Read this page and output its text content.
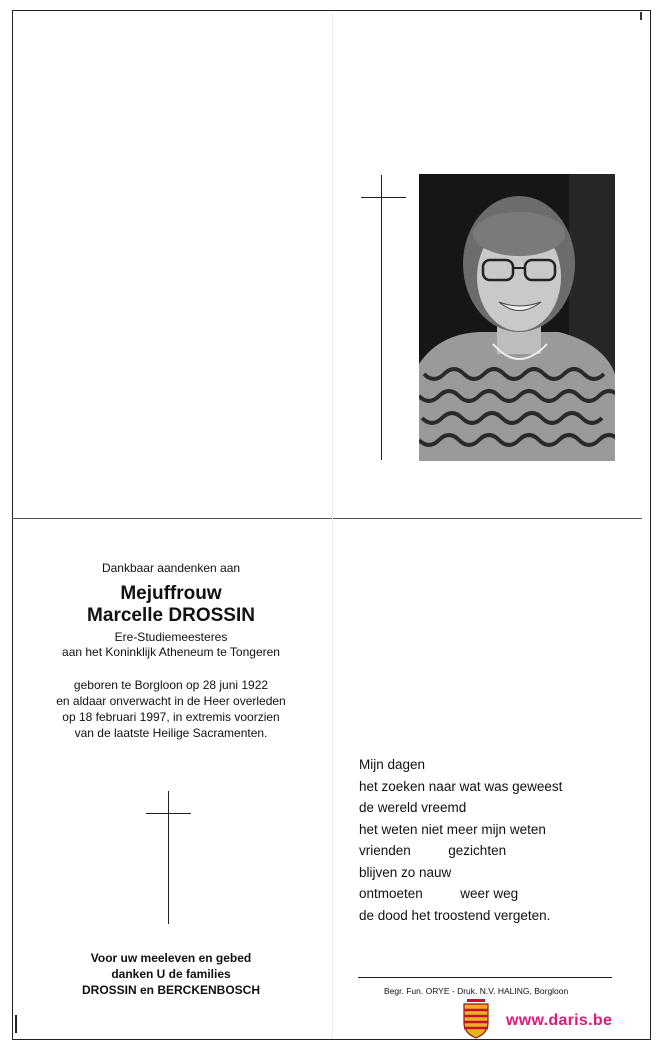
Dankbaar aandenken aan
Mejuffrouw
Marcelle DROSSIN
Ere-Studiemeesteres
aan het Koninklijk Atheneum te Tongeren
geboren te Borgloon op 28 juni 1922
en aldaar onverwacht in de Heer overleden
op 18 februari 1997, in extremis voorzien
van de laatste Heilige Sacramenten.
Voor uw meeleven en gebed
danken U de families
DROSSIN en BERCKENBOSCH
Mijn dagen
het zoeken naar wat was geweest
de wereld vreemd
het weten niet meer mijn weten
vrienden          gezichten
blijven zo nauw
ontmoeten          weer weg
de dood het troostend vergeten.
Begr. Fun. ORYE - Druk. N.V. HALING, Borgloon
www.daris.be
